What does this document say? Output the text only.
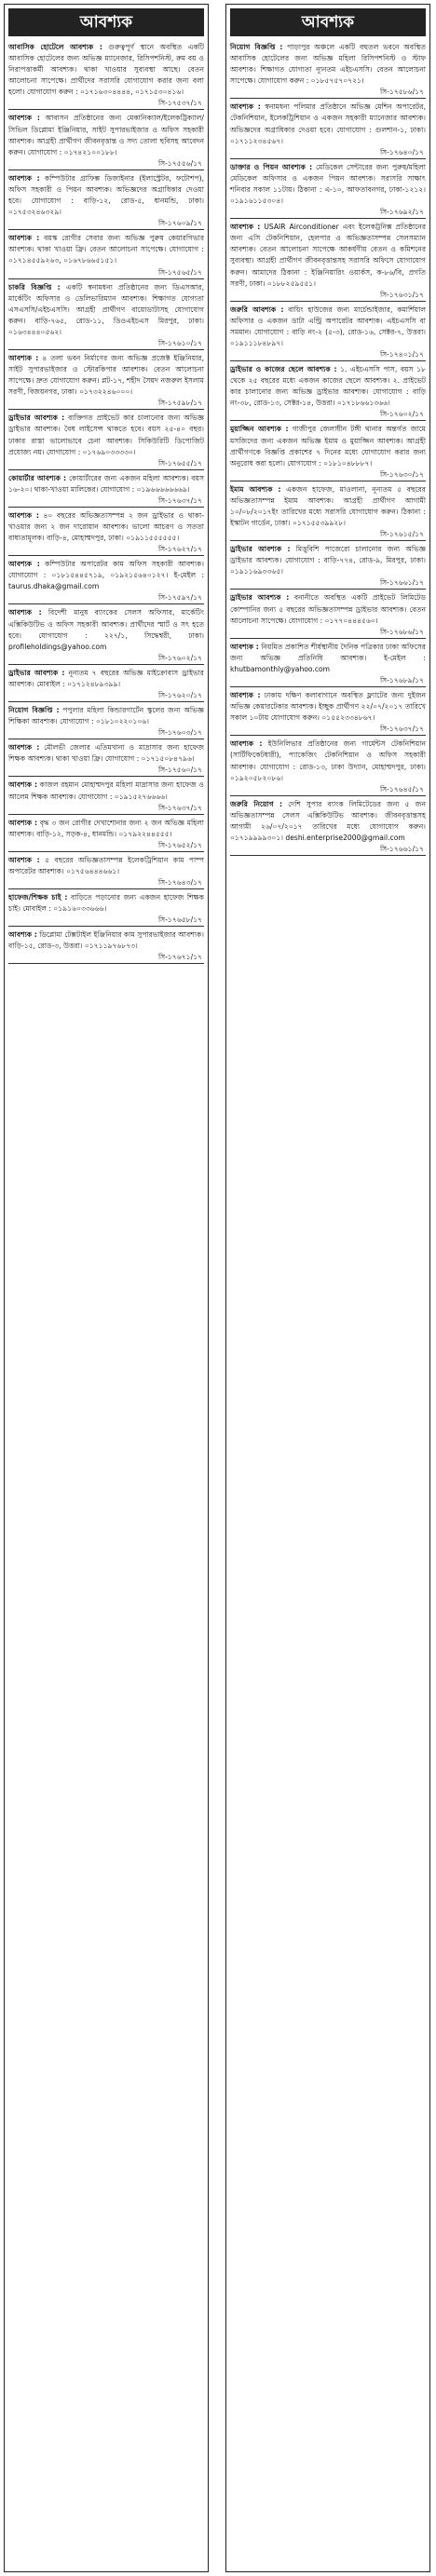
আবশ্যক

আবাসিক হোটেলে আবশ্যক : গুরুত্বপূর্ণ স্থানে অবস্থিত একটি আবাসিক হোটেলের জন্য অভিজ্ঞ ম্যানেজার, রিসিপশনিস্ট, রুম বয় ও নিরাপত্তাকর্মী আবশ্যক। থাকা খাওয়ার সুব্যবস্থা আছে। বেতন আলোচনা সাপেক্ষে। প্রার্থীদের সরাসরি যোগাযোগ করার জন্য বলা হলো। যোগাযোগ করুন : ০১৭১৬৩০৪৪৪৪, ০১৭১৫৩০৪১৬।

সি-১৭৫৩৭/১৭

আবশ্যক : আবাসন প্রতিষ্ঠানের জন্য মেকানিক্যাল/ইলেকট্রিক্যাল/সিভিল ডিপ্লোমা ইঞ্জিনিয়ার, সাইট সুপারভাইজার ও অফিস সহকারী আবশ্যক। আগ্রহী প্রার্থীগণ জীবনবৃত্তান্ত ও সদ্য তোলা ছবিসহ আবেদন করুন। যোগাযোগ : ০১৭৪২১০০১৮৮।

সি-১৭৫৫৬/১৭

আবশ্যক : কম্পিউটার গ্রাফিক্স ডিজাইনার (ইলাস্ট্রেটর, ফটোশপ), অফিস সহকারী ও পিয়ন আবশ্যক। অভিজ্ঞদের অগ্রাধিকার দেওয়া হবে। যোগাযোগ : বাড়ি-১২, রোড-৫, ধানমন্ডি, ঢাকা। ০১৭৫৩২৪৬৩২৯।

সি-১৭৬০৯/১৭

আবশ্যক : বয়স্ক রোগীর সেবার জন্য অভিজ্ঞ পুরুষ কেয়ারগিভার আবশ্যক। থাকা খাওয়া ফ্রি। বেতন আলোচনা সাপেক্ষে। যোগাযোগ : ০১৭১৪৫৫৯২৬৩, ০১৬৭৮৬৬৫১৫১।

সি-১৭৫৬৫/১৭

চাকরি বিজ্ঞপ্তি : একটি স্বনামধন্য প্রতিষ্ঠানের জন্য ডিএসআর, মার্কেটিং অফিসার ও ডেলিভারিম্যান আবশ্যক। শিক্ষাগত যোগ্যতা এসএসসি/এইচএসসি। আগ্রহী প্রার্থীগণ বায়োডাটাসহ যোগাযোগ করুন। বাড়ি-৭৬৫, রোড-১১, ডিওএইচএস মিরপুর, ঢাকা। ০১৬৩৪৪৪০৫৬২।

সি-১৭৬১০/১৭

আবশ্যক : ৪ তলা ভবন নির্মাণের জন্য অভিজ্ঞ প্রজেক্ট ইঞ্জিনিয়ার, সাইট সুপারভাইজার ও স্টোরকিপার আবশ্যক। বেতন আলোচনা সাপেক্ষে। দ্রুত যোগাযোগ করুন। প্লট-১৭, শহীদ সৈয়দ নজরুল ইসলাম সরণী, বিজয়নগর, ঢাকা। ০১৭৩২২৪৬০০০।

সি-১৭৫৯৮/১৭

ড্রাইভার আবশ্যক : ব্যক্তিগত প্রাইভেট কার চালানোর জন্য অভিজ্ঞ ড্রাইভার আবশ্যক। বৈধ লাইসেন্স থাকতে হবে। বয়স ২৫-৪০ বছর। ঢাকার রাস্তা ভালোভাবে চেনা আবশ্যক। সিকিউরিটি ডিপোজিট প্রযোজ্য নয়। যোগাযোগ : ০১৭৬৯০৩৩৩৩০।

সি-১৭৬৫৫/১৭

কোয়ার্টার আবশ্যক : কোয়ার্টারের জন্য একজন মহিলা আবশ্যক। বয়স ১৬-২০। থাকা-খাওয়া মালিকের। যোগাযোগ : ০১৯৬৬৬৬৬৬৬৯।

সি-১৭৬৩৭/১৭

আবশ্যক : ৪০ বছরের অভিজ্ঞতাসম্পন্ন ২ জন ড্রাইভার ও থাকা-খাওয়ার জন্য ২ জন দারোয়ান আবশ্যক। ভালো আচরণ ও সততা বাধ্যতামূলক। বাড়ি-৪, মোহাম্মদপুর, ঢাকা। ০১৯১১৫৫৫৫৫৫।

সি-১৭৬২৭/১৭

আবশ্যক : কম্পিউটার অপারেটর কাম অফিস সহকারী আবশ্যক। যোগাযোগ : ০১৮১৫৪৪৫৭১৯, ০১৯২১৫৬৪০১২৭। ই-মেইল : taurus.dhaka@gmail.com

সি-১৭৫৯৭/১৭

আবশ্যক : বিদেশী মানুষ ব্যাংকের সেলস অফিসার, মার্কেটিং এক্সিকিউটিভ ও অফিস সহকারী আবশ্যক। প্রার্থীদের স্মার্ট ও সৎ হতে হবে। যোগাযোগ : ২২৭/১, সিদ্ধেশ্বরী, ঢাকা। profileholdings@yahoo.com

সি-১৭৬০২/১৭

ড্রাইভার আবশ্যক : নূন্যতম ৭ বছরের অভিজ্ঞ মাইক্রোবাস ড্রাইভার আবশ্যক। মোবাইল : ০১৭১২৪৮৯৩৯৯।

সি-১৭৬২০/১৭

নিয়োগ বিজ্ঞপ্তি : পপুলার মহিলা কিন্ডারগার্টেন স্কুলের জন্য অভিজ্ঞ শিক্ষিকা আবশ্যক। যোগাযোগ : ০১৮১০২২০১০৬।

সি-১৭৬০৩/১৭

আবশ্যক : মৌলভী জেলার এতিমখানা ও মাদ্রাসার জন্য হাফেজ শিক্ষক আবশ্যক। থাকা খাওয়া ফ্রি। যোগাযোগ : ০১৭১৫০৮৪৭৯৬।

সি-১৭৫৬০/১৭

আবশ্যক : কাজল রহমান মোহাম্মদপুর মহিলা মাদ্রাসার জন্য হাফেজ ও আলেম শিক্ষক আবশ্যক। যোগাযোগ : ০১৯১৫২৭৬৬৬৬।

সি-১৭৬৩৭/১৭

আবশ্যক : বৃদ্ধ ৩ জন রোগীর দেখাশোনার জন্য ২ জন অভিজ্ঞ মহিলা আবশ্যক। বাড়ি-১২, সড়ক-৪, ধানমন্ডি। ০১৭৯২২৪৪৫৫৫।

সি-১৭৬৫২/১৭

আবশ্যক : ৫ বছরের অভিজ্ঞতাসম্পন্ন ইলেকট্রিশিয়ান কাম পাম্প অপারেটর আবশ্যক। ০১৭৫৬৪৪৪৬৬১।

সি-১৭৬৪৩/১৭

হাফেজ/শিক্ষক চাই : বাড়িতে পড়ানোর জন্য একজন হাফেজ শিক্ষক চাই। মোবাইল : ০১৯১৬০৩৩৬৬৬।

সি-১৭৬৫৮/১৭

আবশ্যক : ডিপ্লোমা টেক্সটাইল ইঞ্জিনিয়ার কাম সুপারভাইজার আবশ্যক। বাড়ি-১৫, রোড-৩, উত্তরা। ০১৭১১৯৭৬৮৭৩।

সি-১৭৬৭১/১৭
আবশ্যক

নিয়োগ বিজ্ঞপ্তি : পাড়াপুর অঞ্চলে একটি বহুতল ভবনে অবস্থিত আবাসিক হোটেলের জন্য অভিজ্ঞ মহিলা রিসিপশনিস্ট ও স্টাফ আবশ্যক। শিক্ষাগত যোগ্যতা ন্যূনতম এইচএসসি। বেতন আলোচনা সাপেক্ষে। যোগাযোগ করুন : ০১৮৫৭৫৭০৭২১।

সি-১৭৫৮৬/১৭

আবশ্যক : স্বনামধন্য পলিমার প্রতিষ্ঠানে অভিজ্ঞ মেশিন অপারেটর, টেকনিশিয়ান, ইলেকট্রিশিয়ান ও একজন সহকারী ম্যানেজার আবশ্যক। অভিজ্ঞদের অগ্রাধিকার দেওয়া হবে। যোগাযোগ : গুলশান-১, ঢাকা। ০১৭১১২৩৪৫৬৭।

সি-১৭৬৪০/১৭

ডাক্তার ও পিয়ন আবশ্যক : মেডিকেল সেন্টারের জন্য পুরুষ/মহিলা মেডিকেল অফিসার ও একজন পিয়ন আবশ্যক। সরাসরি সাক্ষাৎ শনিবার সকাল ১১টায়। ঠিকানা : এ-১০, আফতাবনগর, ঢাকা-১২১২। ০১৯১৬১১৫৩০৪।

সি-১৭৬৯২/১৭

আবশ্যক : USAIR Airconditioner এবং ইলেকট্রনিক্স প্রতিষ্ঠানের জন্য এসি টেকনিশিয়ান, হেলপার ও অভিজ্ঞতাসম্পন্ন সেলসম্যান আবশ্যক। বেতন আলোচনা সাপেক্ষে আকর্ষণীয় বেতন ও কমিশনের সুব্যবস্থা। আগ্রহী প্রার্থীগণ জীবনবৃত্তান্তসহ সরাসরি অফিসে যোগাযোগ করুন। আমাদের ঠিকানা : ইঞ্জিনিয়ারিং ওয়ার্কস, ক-৮৬/বি, প্রগতি সরণী, ঢাকা। ০১৮৮২৫৯৫৫১।

সি-১৭৬৩১/১৭

জরুরি আবশ্যক : বায়িং হাউজের জন্য মার্চেন্ডাইজার, কমার্শিয়াল অফিসার ও একজন ডাটা এন্ট্রি অপারেটর আবশ্যক। এইচএসসি বা সমমান। যোগাযোগ : বাড়ি নং-২ (৫-৩), রোড-১৬, সেক্টর-৭, উত্তরা। ০১৯১১১৮৪৮৯৭।

সি-১৭৪০১/১৭

ড্রাইভার ও কাজের ছেলে আবশ্যক : ১. এইচএসসি পাস, বয়স ১৮ থেকে ২৫ বছরের মধ্যে একজন কাজের ছেলে আবশ্যক। ২. প্রাইভেট কার চালানোর জন্য অভিজ্ঞ ড্রাইভার আবশ্যক। যোগাযোগ : বাড়ি নং-৩৮, রোড-১৩, সেক্টর-১৪, উত্তরা। ০১৭১৮৬৬১৩৬৬।

সি-১৭৬০২/১৭

মুয়াজ্জিন আবশ্যক : গাজীপুর জেলাধীন টঙ্গী থানার অন্তর্গত জামে মসজিদের জন্য একজন অভিজ্ঞ ইমাম ও মুয়াজ্জিন আবশ্যক। আগ্রহী প্রার্থীগণকে বিজ্ঞপ্তি প্রকাশের ৭ দিনের মধ্যে যোগাযোগ করার জন্য অনুরোধ করা হলো। যোগাযোগ : ০১৮১০৪৮৮৮৭।

সি-১৭৬৩০/১৭

ইমাম আবশ্যক : একজন হাফেজ, মাওলানা, নূন্যতম ৫ বছরের অভিজ্ঞতাসম্পন্ন ইমাম আবশ্যক। আগ্রহী প্রার্থীগণ আগামী ১০/০৮/২০১৭ইং তারিখের মধ্যে সরাসরি যোগাযোগ করুন। ঠিকানা : ইস্কাটন গার্ডেন, ঢাকা। ০১৭১৫৫৩৯৯২৮।

সি-১৭৬১৫/১৭

ড্রাইভার আবশ্যক : মিত্তুবিশি পাজেরো চালানোর জন্য অভিজ্ঞ ড্রাইভার আবশ্যক। যোগাযোগ : বাড়ি-৭৭৪, রোড-৯, মিরপুর, ঢাকা। ০১৯১১৬৯৩৩৬৫।

সি-১৭৬৬১/১৭

ড্রাইভার আবশ্যক : বনানীতে অবস্থিত একটি প্রাইভেট লিমিটেড কোম্পানির জন্য ৫ বছরের অভিজ্ঞতাসম্পন্ন ড্রাইভার আবশ্যক। বেতন আলোচনা সাপেক্ষে। যোগাযোগ : ০১৭৭০৪৪৪৫৬০।

সি-১৭৬৮৬/১৭

আবশ্যক : নিয়মিত প্রকাশিত শীর্ষস্থানীয় দৈনিক পত্রিকার ঢাকা অফিসের জন্য অভিজ্ঞ প্রতিনিধি আবশ্যক। ই-মেইল : khutbamonthly@yahoo.com

সি-১৭৬৮৯/১৭

আবশ্যক : ঢাকায় দক্ষিণ কলাবাগানে অবস্থিত ফ্ল্যাটের জন্য দুইজন অভিজ্ঞ কেয়ারটেকার আবশ্যক। ইচ্ছুক প্রার্থীগণ ২২/০৭/২০১৭ তারিখে সকাল ১০টায় যোগাযোগ করুন। ০১৫৫২৩৩৪৮৬৭।

সি-১৭৬৩৭/১৭

আবশ্যক : ইউনিলিভার প্রতিষ্ঠানের জন্য গার্মেন্টস টেকনিশিয়ান (সার্টিফিকেটধারী), প্যাকেজিং টেকনিশিয়ান ও অফিস সহকারী আবশ্যক। যোগাযোগ : রোড-১৩, ঢাকা উদ্যান, মোহাম্মদপুর, ঢাকা। ০১৯২০৫৮২০৮৬।

সি-১৭৬৪৫/১৭

জরুরি নিয়োগ : দেশি সুপার ব্যাংক লিমিটেডের জন্য ৫ জন অভিজ্ঞতাসম্পন্ন সেলস এক্সিকিউটিভ আবশ্যক। জীবনবৃত্তান্তসহ আগামী ২৬/০৭/২০১৭ তারিখের মধ্যে যোগাযোগ করুন। ০১৭১৯৯৯৯৩০১। deshi.enterprise2000@gmail.com

সি-১৭৬৬১/১৭
